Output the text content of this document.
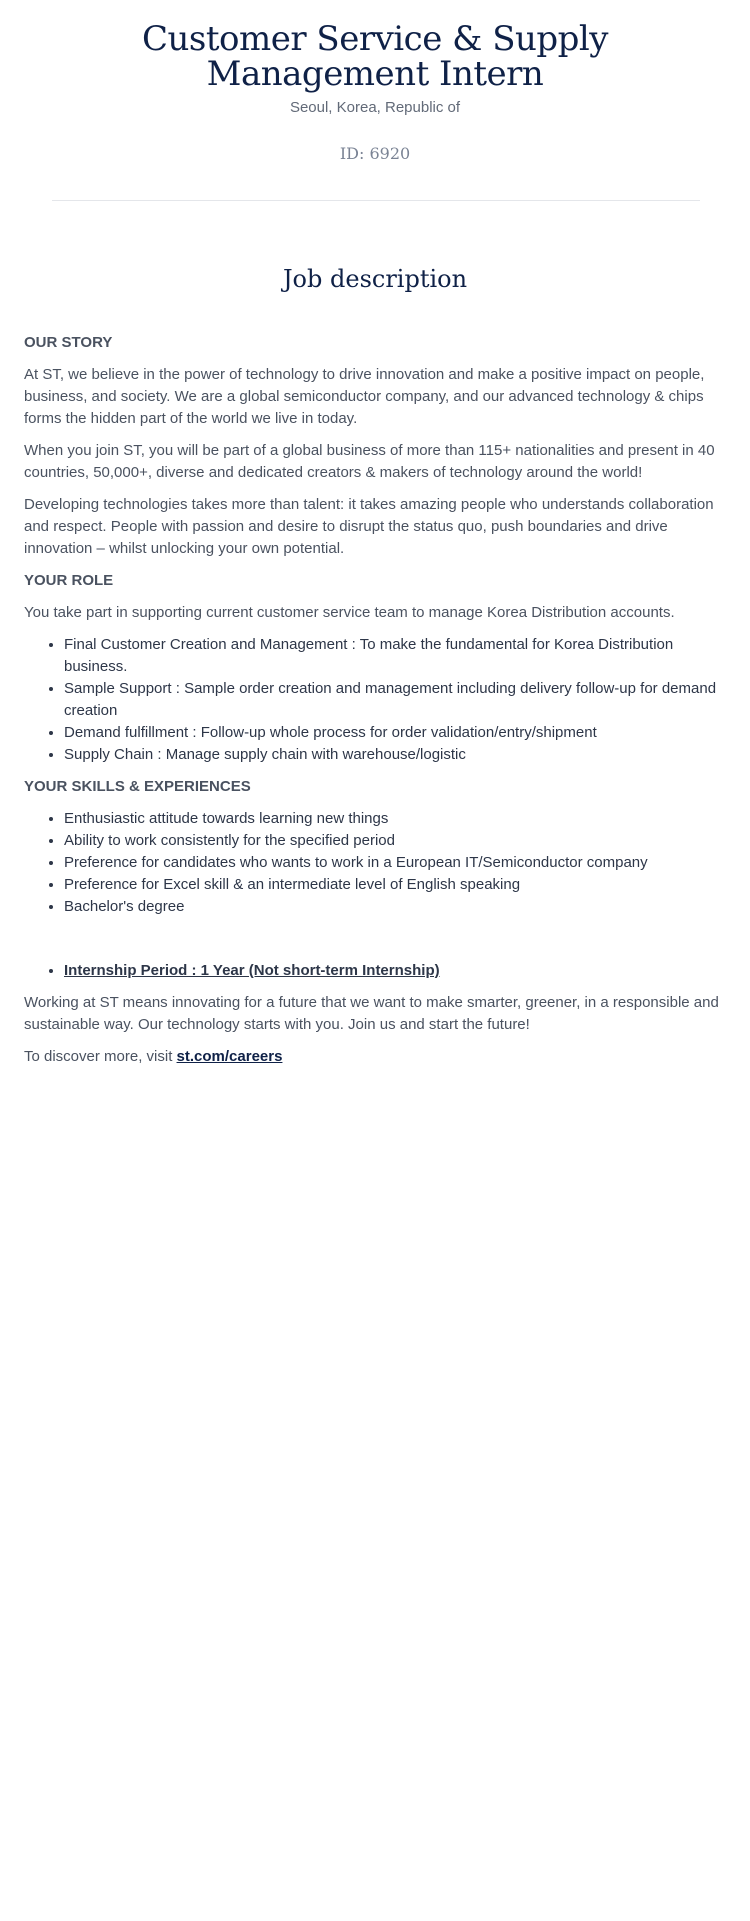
Customer Service & Supply Management Intern
Seoul, Korea, Republic of
ID: 6920
Job description
OUR STORY

At ST, we believe in the power of technology to drive innovation and make a positive impact on people, business, and society. We are a global semiconductor company, and our advanced technology & chips forms the hidden part of the world we live in today.

When you join ST, you will be part of a global business of more than 115+ nationalities and present in 40 countries, 50,000+, diverse and dedicated creators & makers of technology around the world!

Developing technologies takes more than talent: it takes amazing people who understands collaboration and respect. People with passion and desire to disrupt the status quo, push boundaries and drive innovation – whilst unlocking your own potential.

YOUR ROLE

You take part in supporting current customer service team to manage Korea Distribution accounts.

• Final Customer Creation and Management : To make the fundamental for Korea Distribution business.
• Sample Support : Sample order creation and management including delivery follow-up for demand creation
• Demand fulfillment : Follow-up whole process for order validation/entry/shipment
• Supply Chain : Manage supply chain with warehouse/logistic
YOUR SKILLS & EXPERIENCES
• Enthusiastic attitude towards learning new things
• Ability to work consistently for the specified period
• Preference for candidates who wants to work in a European IT/Semiconductor company
• Preference for Excel skill & an intermediate level of English speaking
• Bachelor's degree
• Internship Period : 1 Year (Not short-term Internship)

Working at ST means innovating for a future that we want to make smarter, greener, in a responsible and sustainable way. Our technology starts with you. Join us and start the future!

To discover more, visit st.com/careers
